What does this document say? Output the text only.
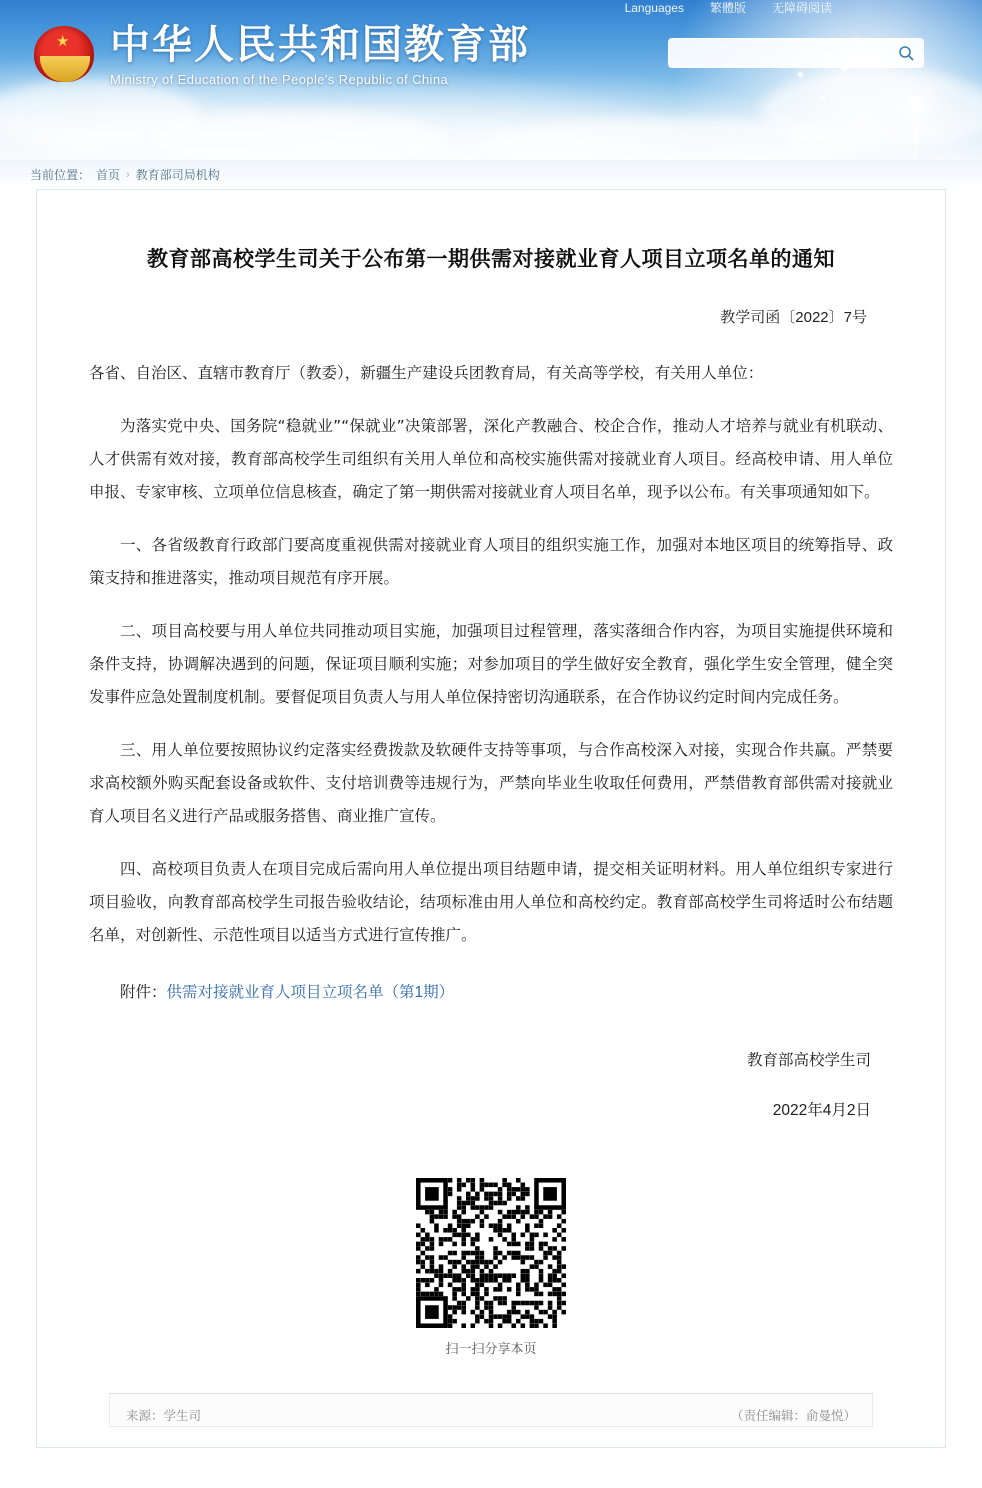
★ 中华人民共和国教育部
Ministry of Education of the People's Republic of China
Languages 繁體版 无障碍阅读
当前位置： 首页 › 教育部司局机构
教育部高校学生司关于公布第一期供需对接就业育人项目立项名单的通知
教学司函〔2022〕7号

各省、自治区、直辖市教育厅（教委），新疆生产建设兵团教育局，有关高等学校，有关用人单位：

为落实党中央、国务院“稳就业”“保就业”决策部署，深化产教融合、校企合作，推动人才培养与就业有机联动、人才供需有效对接，教育部高校学生司组织有关用人单位和高校实施供需对接就业育人项目。经高校申请、用人单位申报、专家审核、立项单位信息核查，确定了第一期供需对接就业育人项目名单，现予以公布。有关事项通知如下。

一、各省级教育行政部门要高度重视供需对接就业育人项目的组织实施工作，加强对本地区项目的统筹指导、政策支持和推进落实，推动项目规范有序开展。

二、项目高校要与用人单位共同推动项目实施，加强项目过程管理，落实落细合作内容，为项目实施提供环境和条件支持，协调解决遇到的问题，保证项目顺利实施；对参加项目的学生做好安全教育，强化学生安全管理，健全突发事件应急处置制度机制。要督促项目负责人与用人单位保持密切沟通联系，在合作协议约定时间内完成任务。

三、用人单位要按照协议约定落实经费拨款及软硬件支持等事项，与合作高校深入对接，实现合作共赢。严禁要求高校额外购买配套设备或软件、支付培训费等违规行为，严禁向毕业生收取任何费用，严禁借教育部供需对接就业育人项目名义进行产品或服务搭售、商业推广宣传。

四、高校项目负责人在项目完成后需向用人单位提出项目结题申请，提交相关证明材料。用人单位组织专家进行项目验收，向教育部高校学生司报告验收结论，结项标准由用人单位和高校约定。教育部高校学生司将适时公布结题名单，对创新性、示范性项目以适当方式进行宣传推广。

附件：供需对接就业育人项目立项名单（第1期）
教育部高校学生司
2022年4月2日
扫一扫分享本页
来源：学生司	（责任编辑：俞曼悦）
